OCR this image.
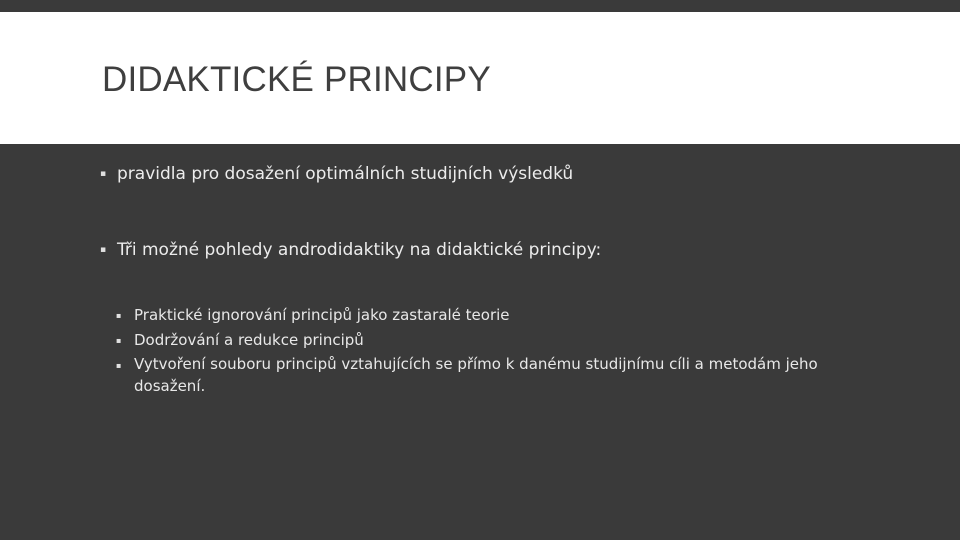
DIDAKTICKÉ PRINCIPY
▪ pravidla pro dosažení optimálních studijních výsledků
▪ Tři možné pohledy androdidaktiky na didaktické principy:
▪ Praktické ignorování principů jako zastaralé teorie
▪ Dodržování a redukce principů
▪ Vytvoření souboru principů vztahujících se přímo k danému studijnímu cíli a metodám jeho dosažení.
